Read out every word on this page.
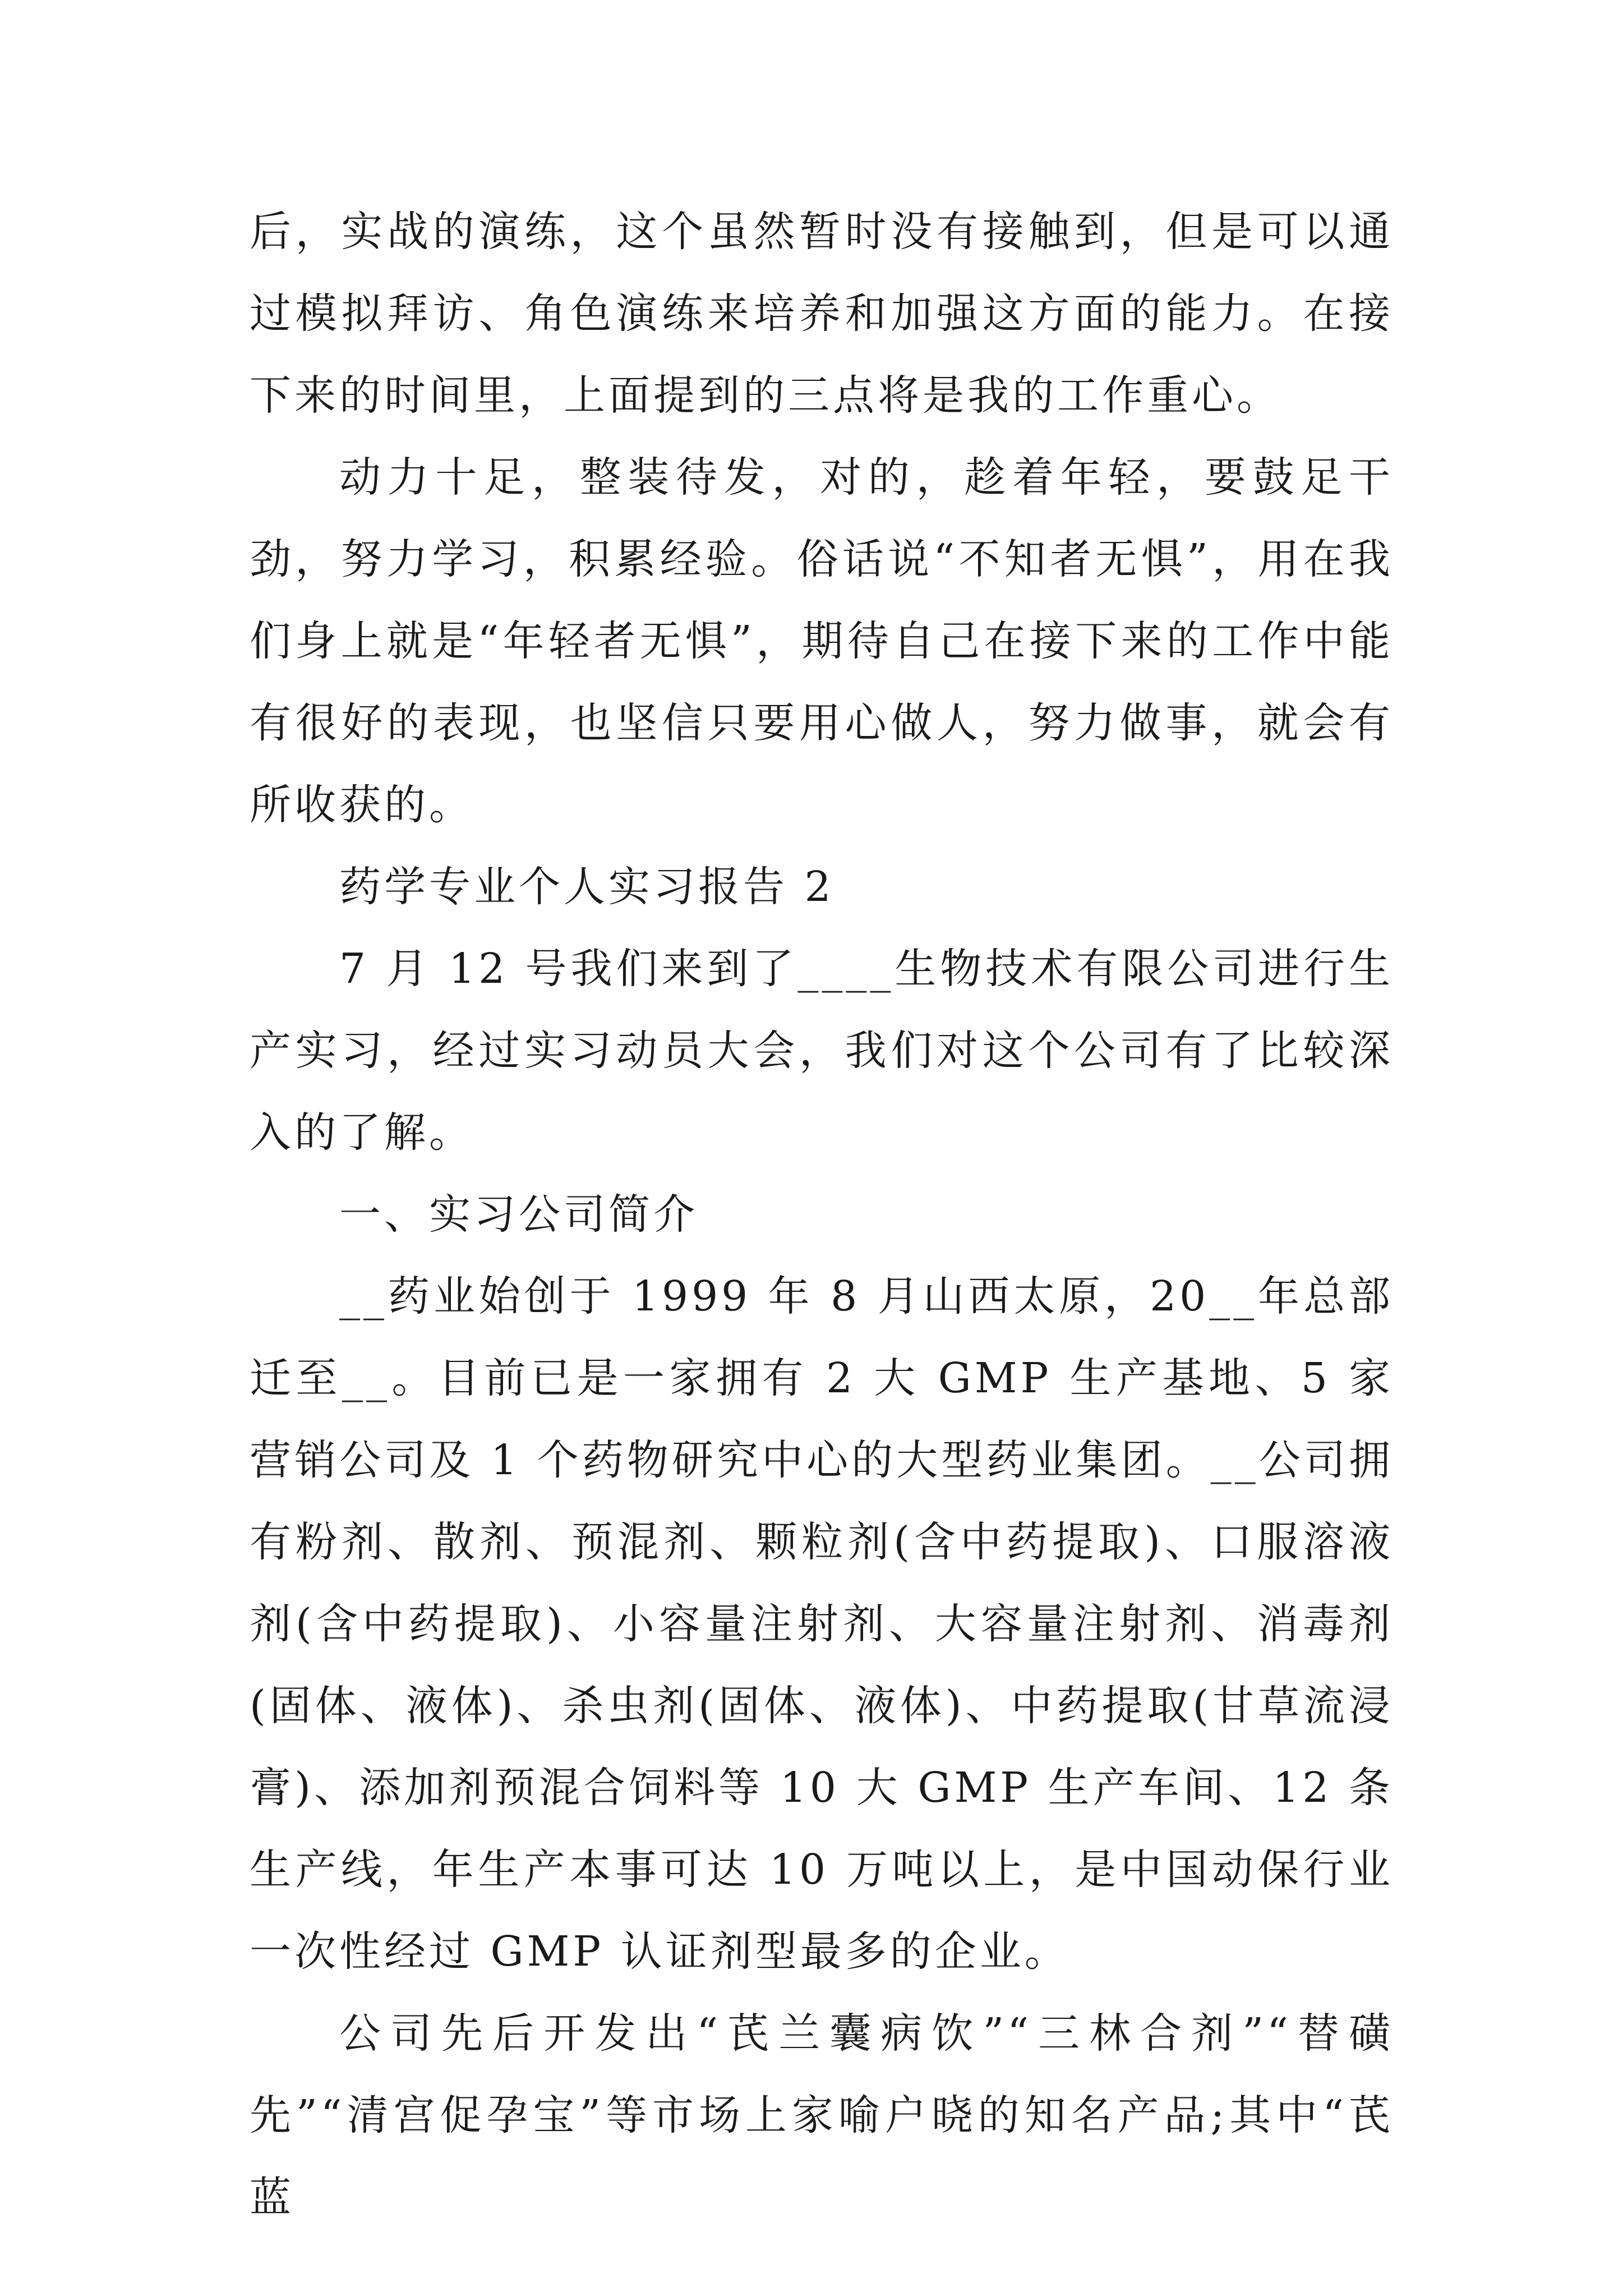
后，实战的演练，这个虽然暂时没有接触到，但是可以通过模拟拜访、角色演练来培养和加强这方面的能力。在接下来的时间里，上面提到的三点将是我的工作重心。

动力十足，整装待发，对的，趁着年轻，要鼓足干劲，努力学习，积累经验。俗话说“不知者无惧”，用在我们身上就是“年轻者无惧”，期待自己在接下来的工作中能有很好的表现，也坚信只要用心做人，努力做事，就会有所收获的。

药学专业个人实习报告 2

7 月 12 号我们来到了____生物技术有限公司进行生产实习，经过实习动员大会，我们对这个公司有了比较深入的了解。

一、实习公司简介

__药业始创于 1999 年 8 月山西太原，20__年总部迁至__。目前已是一家拥有 2 大 GMP 生产基地、5 家营销公司及 1 个药物研究中心的大型药业集团。__公司拥有粉剂、散剂、预混剂、颗粒剂(含中药提取)、口服溶液剂(含中药提取)、小容量注射剂、大容量注射剂、消毒剂(固体、液体)、杀虫剂(固体、液体)、中药提取(甘草流浸膏)、添加剂预混合饲料等 10 大 GMP 生产车间、12 条生产线，年生产本事可达 10 万吨以上，是中国动保行业一次性经过 GMP 认证剂型最多的企业。

公司先后开发出“芪兰囊病饮”“三林合剂”“替磺先”“清宫促孕宝”等市场上家喻户晓的知名产品;其中“芪蓝
